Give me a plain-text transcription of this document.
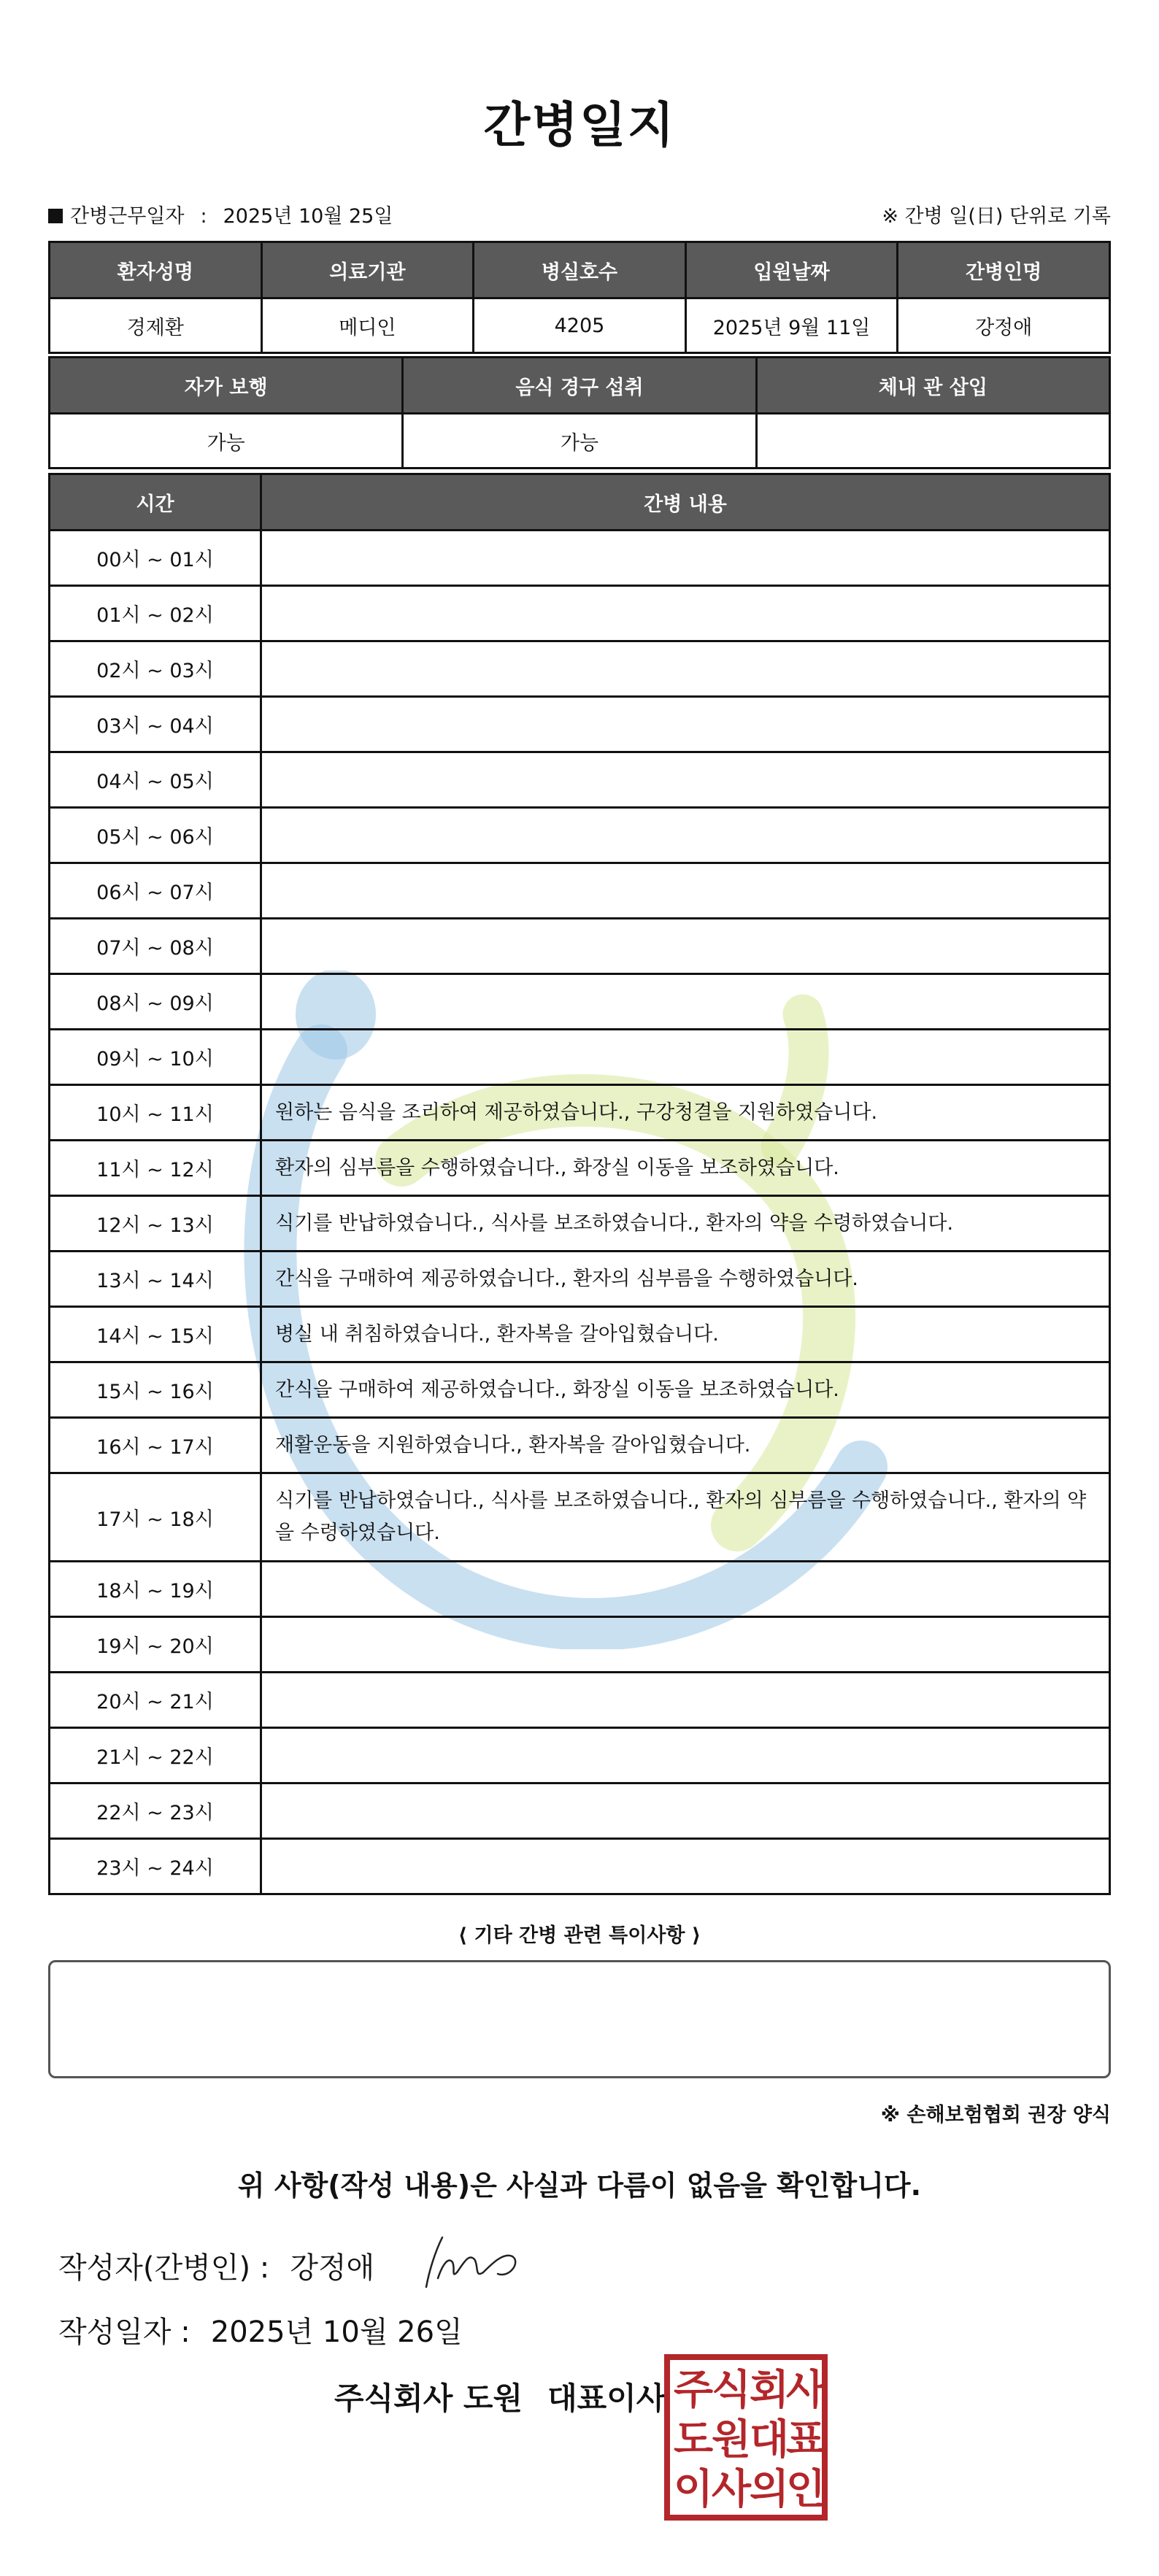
간병일지
간병근무일자 : 2025년 10월 25일	※ 간병 일(日) 단위로 기록
환자성명	의료기관	병실호수	입원날짜	간병인명
경제환	메디인	4205	2025년 9월 11일	강정애
자가 보행	음식 경구 섭취	체내 관 삽입
가능	가능	
시간	간병 내용
00시 ~ 01시	
01시 ~ 02시	
02시 ~ 03시	
03시 ~ 04시	
04시 ~ 05시	
05시 ~ 06시	
06시 ~ 07시	
07시 ~ 08시	
08시 ~ 09시	
09시 ~ 10시	
10시 ~ 11시	원하는 음식을 조리하여 제공하였습니다., 구강청결을 지원하였습니다.
11시 ~ 12시	환자의 심부름을 수행하였습니다., 화장실 이동을 보조하였습니다.
12시 ~ 13시	식기를 반납하였습니다., 식사를 보조하였습니다., 환자의 약을 수령하였습니다.
13시 ~ 14시	간식을 구매하여 제공하였습니다., 환자의 심부름을 수행하였습니다.
14시 ~ 15시	병실 내 취침하였습니다., 환자복을 갈아입혔습니다.
15시 ~ 16시	간식을 구매하여 제공하였습니다., 화장실 이동을 보조하였습니다.
16시 ~ 17시	재활운동을 지원하였습니다., 환자복을 갈아입혔습니다.
17시 ~ 18시	식기를 반납하였습니다., 식사를 보조하였습니다., 환자의 심부름을 수행하였습니다., 환자의 약을 수령하였습니다.
18시 ~ 19시	
19시 ~ 20시	
20시 ~ 21시	
21시 ~ 22시	
22시 ~ 23시	
23시 ~ 24시	
⟨ 기타 간병 관련 특이사항 ⟩
※ 손해보험협회 권장 양식
위 사항(작성 내용)은 사실과 다름이 없음을 확인합니다.
작성자(간병인) : 강정애
작성일자 : 2025년 10월 26일
주식회사 도원 대표이사 주
식
회
사
도
원
대
표
이
사
의
인
